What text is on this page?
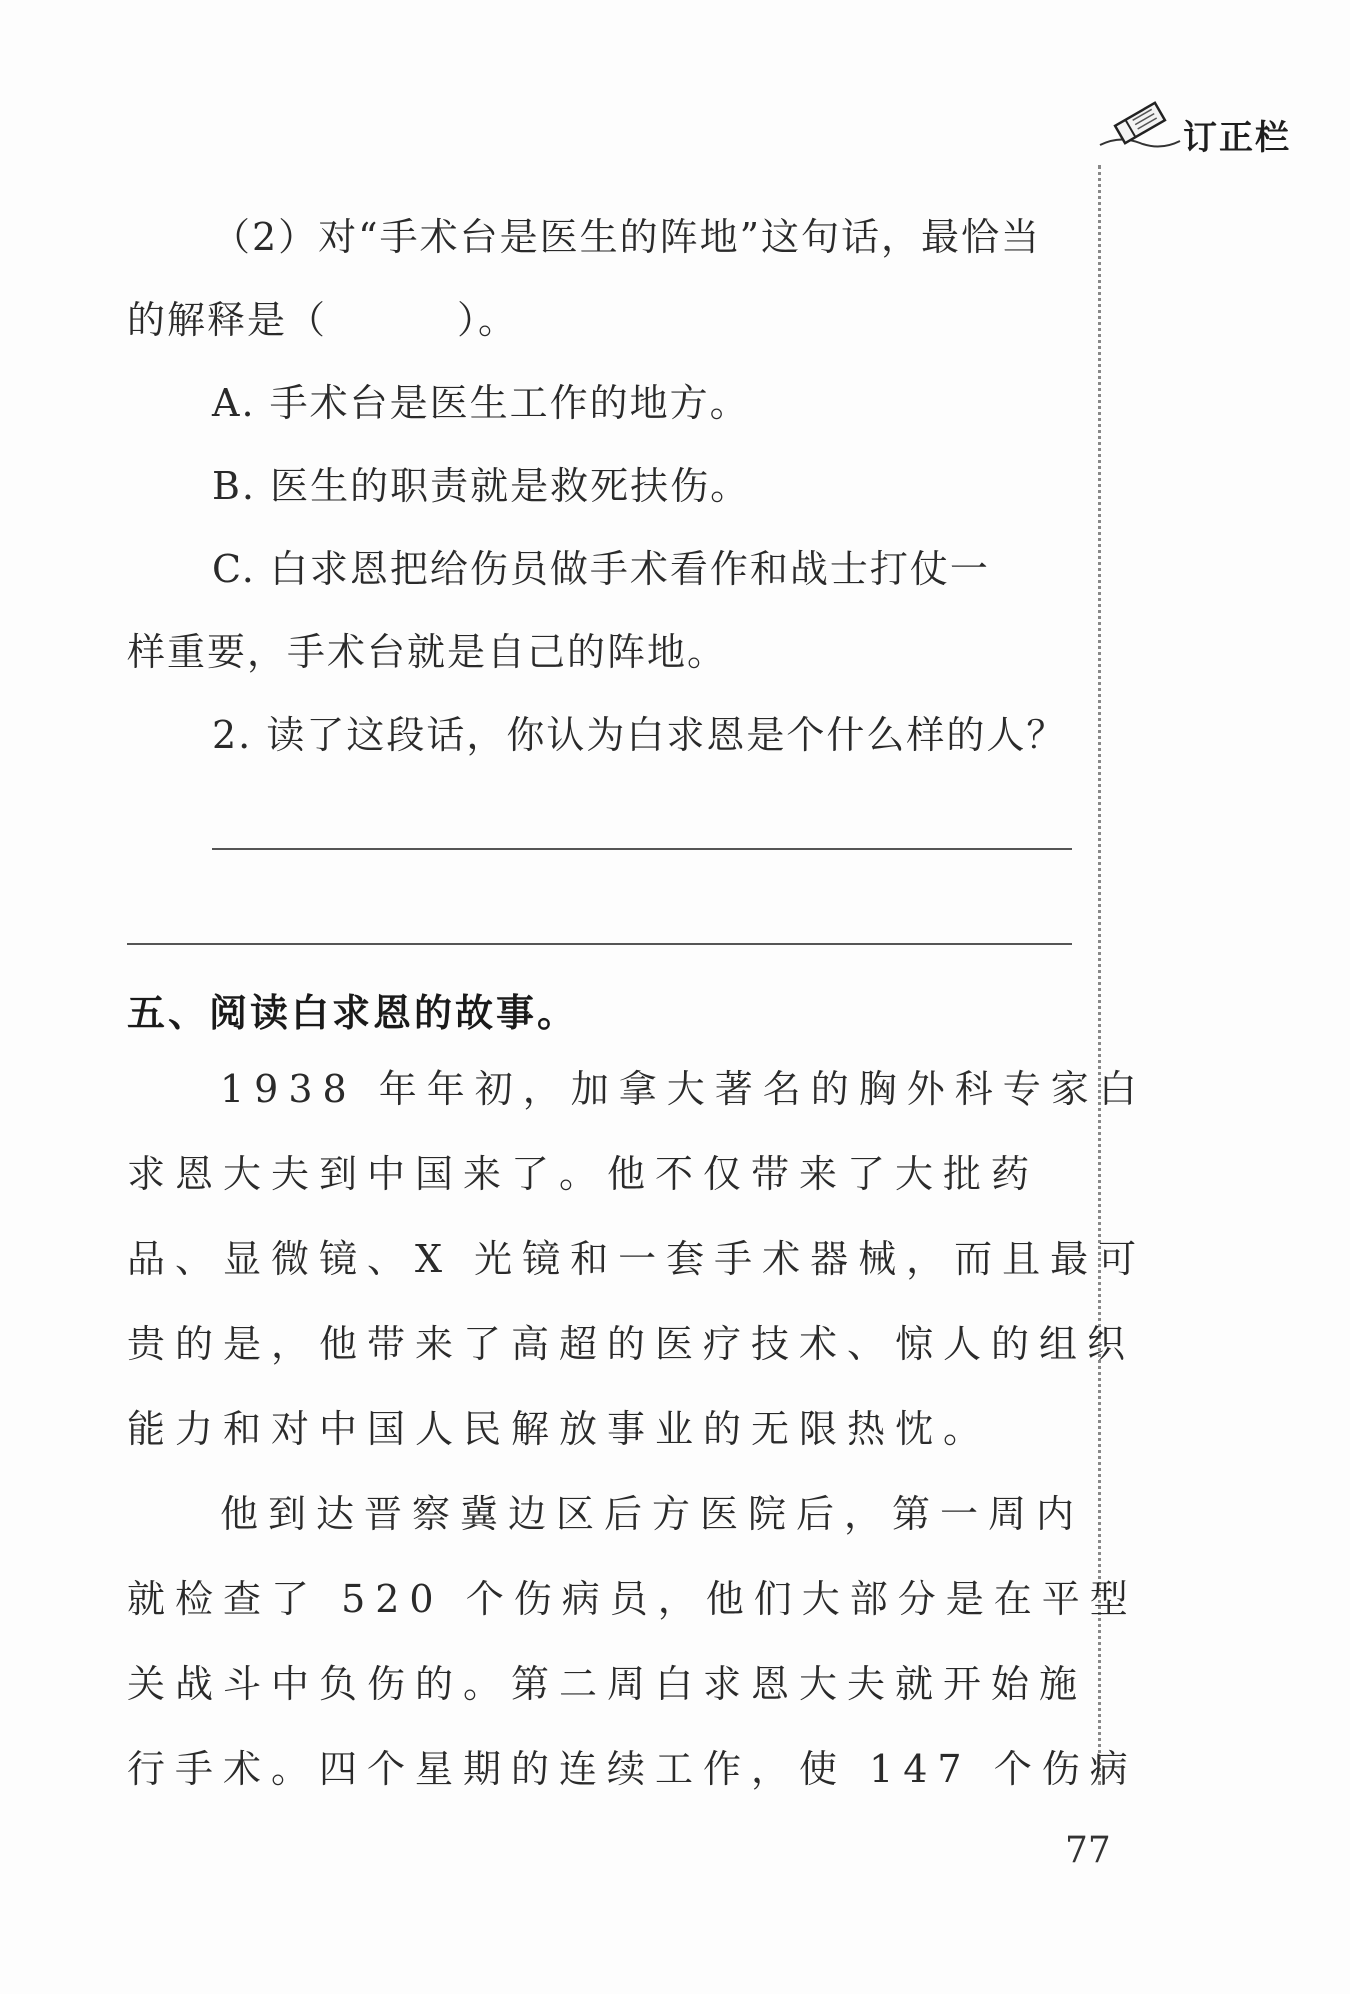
订正栏
（2）对“手术台是医生的阵地”这句话，最恰当
的解释是（	）。
A. 手术台是医生工作的地方。
B. 医生的职责就是救死扶伤。
C. 白求恩把给伤员做手术看作和战士打仗一
样重要，手术台就是自己的阵地。
2. 读了这段话，你认为白求恩是个什么样的人？
五、阅读白求恩的故事。
1938 年年初，加拿大著名的胸外科专家白
求恩大夫到中国来了。他不仅带来了大批药
品、显微镜、X 光镜和一套手术器械，而且最可
贵的是，他带来了高超的医疗技术、惊人的组织
能力和对中国人民解放事业的无限热忱。
他到达晋察冀边区后方医院后，第一周内
就检查了 520 个伤病员，他们大部分是在平型
关战斗中负伤的。第二周白求恩大夫就开始施
行手术。四个星期的连续工作，使 147 个伤病
77
